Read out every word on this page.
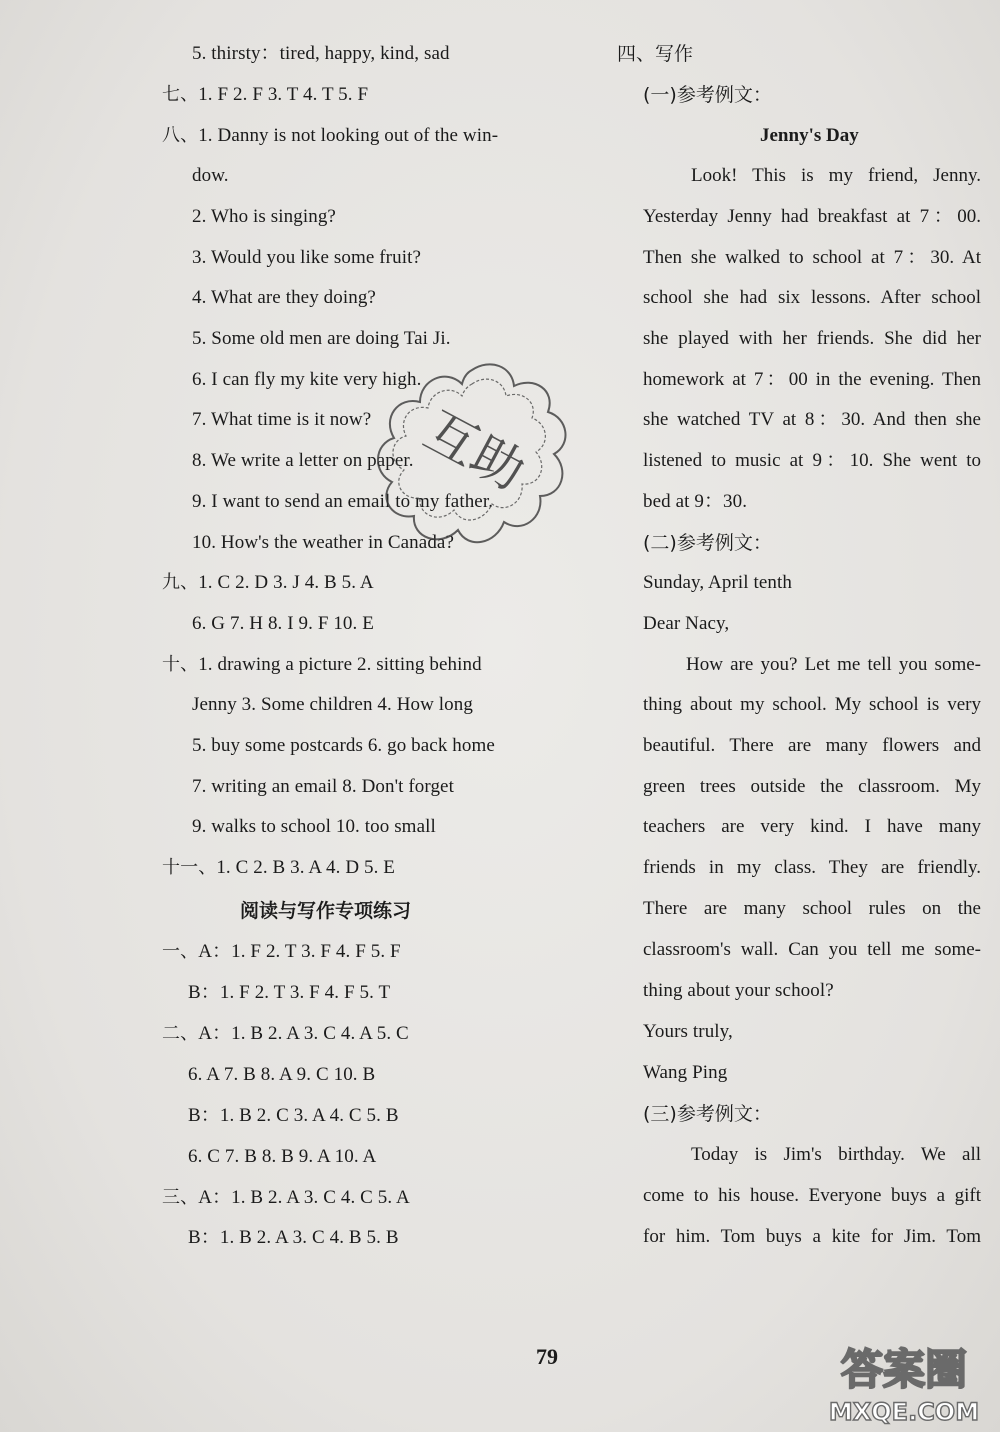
5. thirsty：tired, happy, kind, sad
七、1. F 2. F 3. T 4. T 5. F
八、1. Danny is not looking out of the win-
dow.
2. Who is singing?
3. Would you like some fruit?
4. What are they doing?
5. Some old men are doing Tai Ji.
6. I can fly my kite very high.
7. What time is it now?
8. We write a letter on paper.
9. I want to send an email to my father.
10. How's the weather in Canada?
九、1. C 2. D 3. J 4. B 5. A
6. G 7. H 8. I 9. F 10. E
十、1. drawing a picture 2. sitting behind
Jenny 3. Some children 4. How long
5. buy some postcards 6. go back home
7. writing an email 8. Don't forget
9. walks to school 10. too small
十一、1. C 2. B 3. A 4. D 5. E
阅读与写作专项练习
一、A：1. F 2. T 3. F 4. F 5. F
B：1. F 2. T 3. F 4. F 5. T
二、A：1. B 2. A 3. C 4. A 5. C
6. A 7. B 8. A 9. C 10. B
B：1. B 2. C 3. A 4. C 5. B
6. C 7. B 8. B 9. A 10. A
三、A：1. B 2. A 3. C 4. C 5. A
B：1. B 2. A 3. C 4. B 5. B
四、写作
(一)参考例文：
Jenny's Day
Look! This is my friend, Jenny.
Yesterday Jenny had breakfast at 7：00.
Then she walked to school at 7：30. At
school she had six lessons. After school
she played with her friends. She did her
homework at 7：00 in the evening. Then
she watched TV at 8：30. And then she
listened to music at 9：10. She went to
bed at 9：30.
(二)参考例文：
Sunday, April tenth
Dear Nacy,
How are you? Let me tell you some-
thing about my school. My school is very
beautiful. There are many flowers and
green trees outside the classroom. My
teachers are very kind. I have many
friends in my class. They are friendly.
There are many school rules on the
classroom's wall. Can you tell me some-
thing about your school?
Yours truly,
Wang Ping
(三)参考例文：
Today is Jim's birthday. We all
come to his house. Everyone buys a gift
for him. Tom buys a kite for Jim. Tom
79
互助
答案圈
MXQE.COM
